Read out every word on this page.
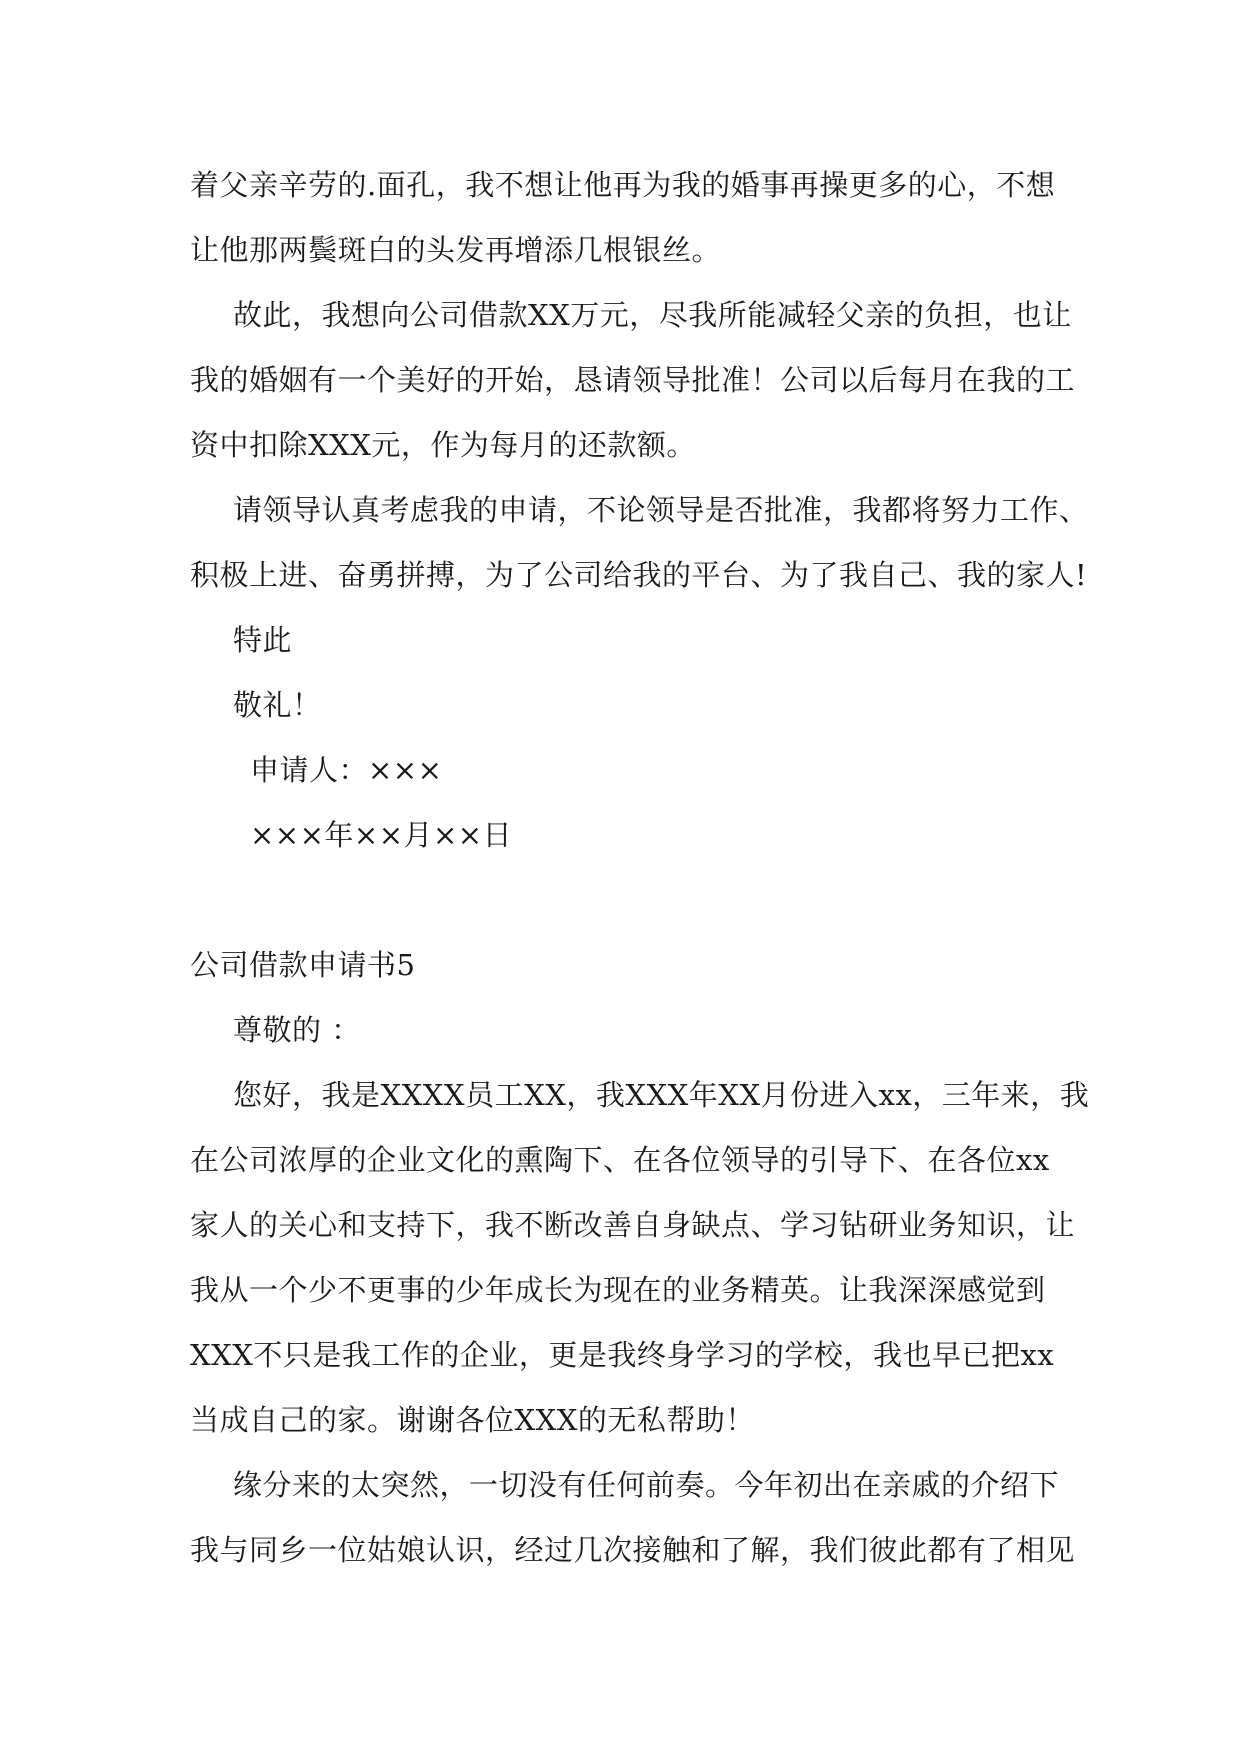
着父亲辛劳的.面孔，我不想让他再为我的婚事再操更多的心，不想
让他那两鬓斑白的头发再增添几根银丝。
故此，我想向公司借款XX万元，尽我所能减轻父亲的负担，也让
我的婚姻有一个美好的开始，恳请领导批准！公司以后每月在我的工
资中扣除XXX元，作为每月的还款额。
请领导认真考虑我的申请，不论领导是否批准，我都将努力工作、
积极上进、奋勇拼搏，为了公司给我的平台、为了我自己、我的家人!
特此
敬礼！
申请人：×××
×××年××月××日
公司借款申请书5
尊敬的 ：
您好，我是XXXX员工XX，我XXX年XX月份进入xx，三年来，我
在公司浓厚的企业文化的熏陶下、在各位领导的引导下、在各位xx
家人的关心和支持下，我不断改善自身缺点、学习钻研业务知识，让
我从一个少不更事的少年成长为现在的业务精英。让我深深感觉到
XXX不只是我工作的企业，更是我终身学习的学校，我也早已把xx
当成自己的家。谢谢各位XXX的无私帮助！
缘分来的太突然，一切没有任何前奏。今年初出在亲戚的介绍下
我与同乡一位姑娘认识，经过几次接触和了解，我们彼此都有了相见
